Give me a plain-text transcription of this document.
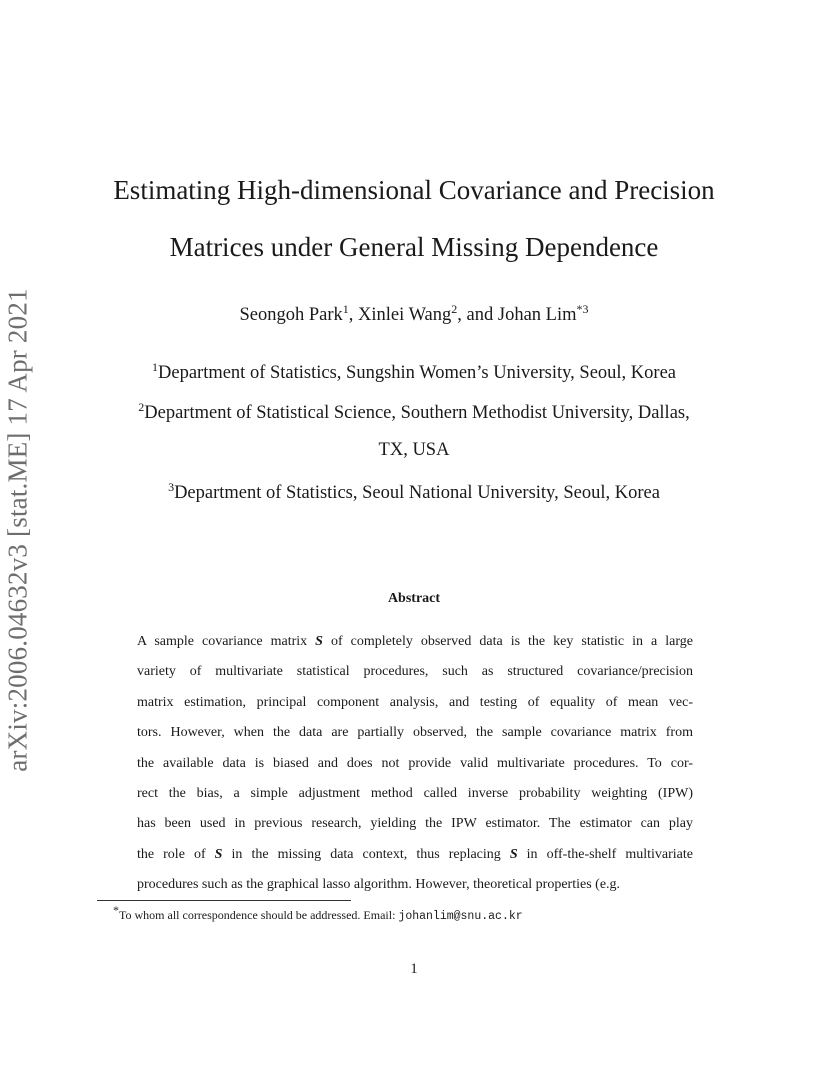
arXiv:2006.04632v3 [stat.ME] 17 Apr 2021
Estimating High-dimensional Covariance and Precision
Matrices under General Missing Dependence
Seongoh Park$^1$, Xinlei Wang$^2$, and Johan Lim$^{*3}$
$^1$Department of Statistics, Sungshin Women’s University, Seoul, Korea
$^2$Department of Statistical Science, Southern Methodist University, Dallas,
TX, USA
$^3$Department of Statistics, Seoul National University, Seoul, Korea
Abstract
A sample covariance matrix S of completely observed data is the key statistic in a large
variety of multivariate statistical procedures, such as structured covariance/precision
matrix estimation, principal component analysis, and testing of equality of mean vec-
tors. However, when the data are partially observed, the sample covariance matrix from
the available data is biased and does not provide valid multivariate procedures. To cor-
rect the bias, a simple adjustment method called inverse probability weighting (IPW)
has been used in previous research, yielding the IPW estimator. The estimator can play
the role of S in the missing data context, thus replacing S in off-the-shelf multivariate
procedures such as the graphical lasso algorithm. However, theoretical properties (e.g.
*To whom all correspondence should be addressed. Email: johanlim@snu.ac.kr
1
